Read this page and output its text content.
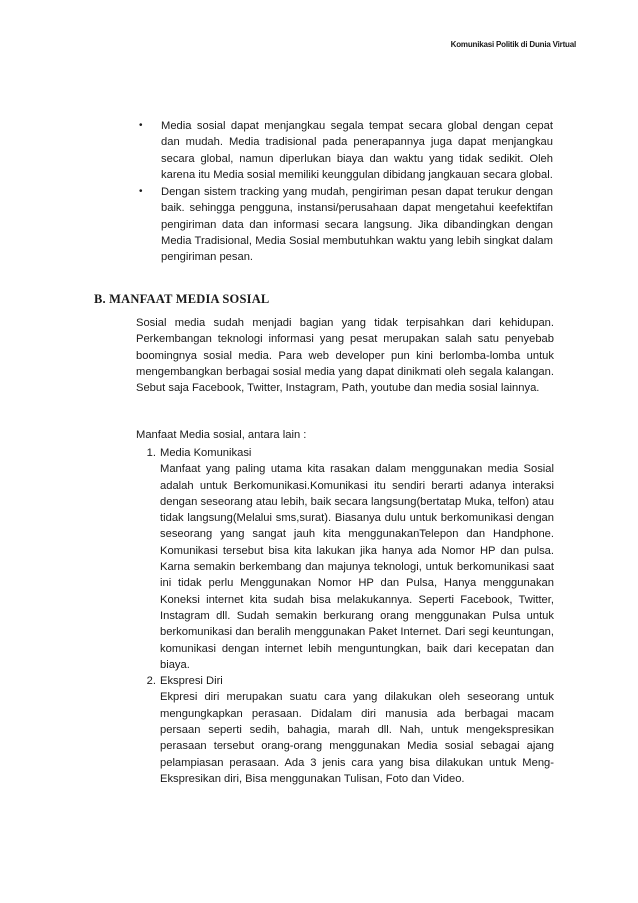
Komunikasi Politik di Dunia Virtual
• Media sosial dapat menjangkau segala tempat secara global dengan cepat dan mudah. Media tradisional pada penerapannya juga dapat menjangkau secara global, namun diperlukan biaya dan waktu yang tidak sedikit. Oleh karena itu Media sosial memiliki keunggulan dibidang jangkauan secara global.

• Dengan sistem tracking yang mudah, pengiriman pesan dapat terukur dengan baik. sehingga pengguna, instansi/perusahaan dapat mengetahui keefektifan pengiriman data dan informasi secara langsung. Jika dibandingkan dengan Media Tradisional, Media Sosial membutuhkan waktu yang lebih singkat dalam pengiriman pesan.

B. MANFAAT MEDIA SOSIAL

Sosial media sudah menjadi bagian yang tidak terpisahkan dari kehidupan. Perkembangan teknologi informasi yang pesat merupakan salah satu penyebab boomingnya sosial media. Para web developer pun kini berlomba-lomba untuk mengembangkan berbagai sosial media yang dapat dinikmati oleh segala kalangan. Sebut saja Facebook, Twitter, Instagram, Path, youtube dan media sosial lainnya.

Manfaat Media sosial, antara lain :
1. Media Komunikasi

Manfaat yang paling utama kita rasakan dalam menggunakan media Sosial adalah untuk Berkomunikasi.Komunikasi itu sendiri berarti adanya interaksi dengan seseorang atau lebih, baik secara langsung(bertatap Muka, telfon) atau tidak langsung(Melalui sms,surat). Biasanya dulu untuk berkomunikasi dengan seseorang yang sangat jauh kita menggunakanTelepon dan Handphone. Komunikasi tersebut bisa kita lakukan jika hanya ada Nomor HP dan pulsa. Karna semakin berkembang dan majunya teknologi, untuk berkomunikasi saat ini tidak perlu Menggunakan Nomor HP dan Pulsa, Hanya menggunakan Koneksi internet kita sudah bisa melakukannya. Seperti Facebook, Twitter, Instagram dll. Sudah semakin berkurang orang menggunakan Pulsa untuk berkomunikasi dan beralih menggunakan Paket Internet. Dari segi keuntungan, komunikasi dengan internet lebih menguntungkan, baik dari kecepatan dan biaya.

2. Ekspresi Diri

Ekpresi diri merupakan suatu cara yang dilakukan oleh seseorang untuk mengungkapkan perasaan. Didalam diri manusia ada berbagai macam persaan seperti sedih, bahagia, marah dll. Nah, untuk mengekspresikan perasaan tersebut orang-orang menggunakan Media sosial sebagai ajang pelampiasan perasaan. Ada 3 jenis cara yang bisa dilakukan untuk Meng-Ekspresikan diri, Bisa menggunakan Tulisan, Foto dan Video.
